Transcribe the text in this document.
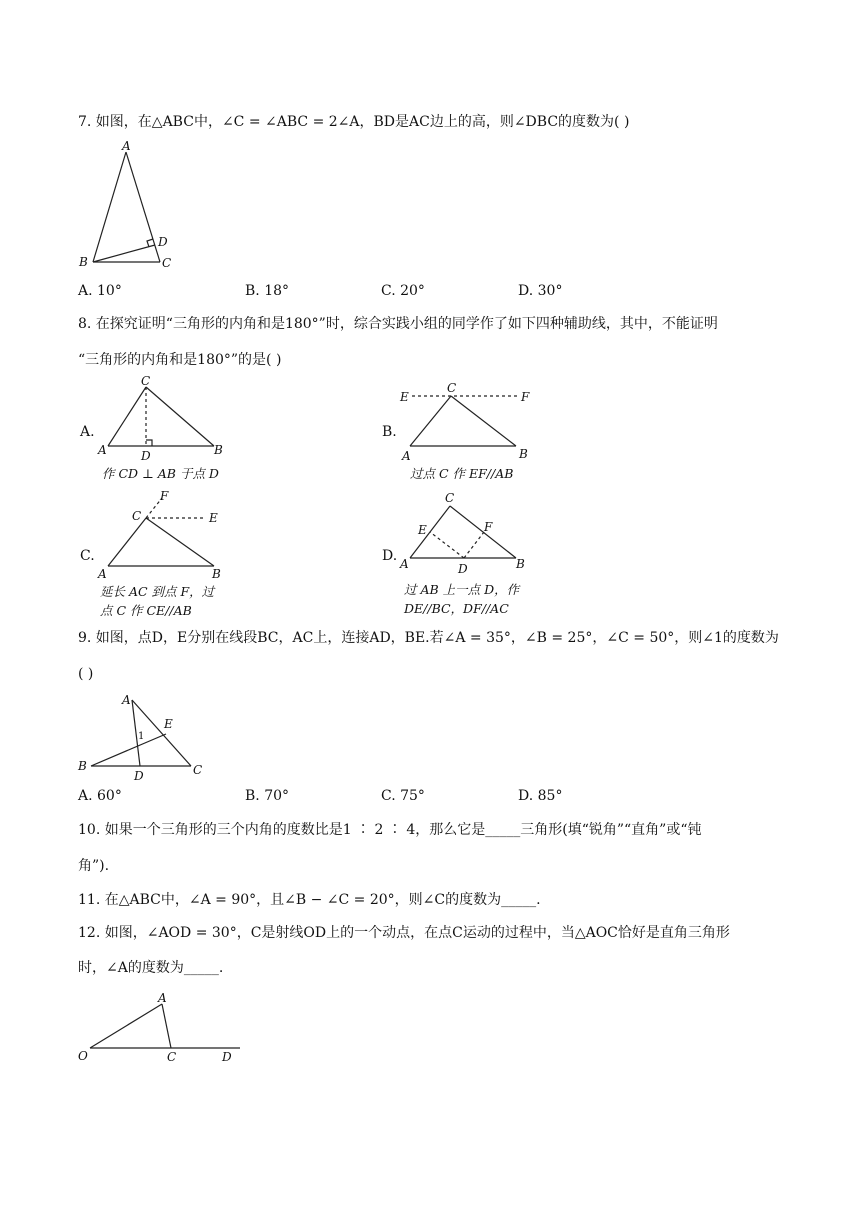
7. 如图，在△ABC中，∠C = ∠ABC = 2∠A，BD是AC边上的高，则∠DBC的度数为( )
A
B	C
D
A. 10°	B. 18°	C. 20°	D. 30°
8. 在探究证明“三角形的内角和是180°”时，综合实践小组的同学作了如下四种辅助线，其中，不能证明
“三角形的内角和是180°”的是( )
A.
C
A	B
D
作 CD ⊥ AB 于点 D
B.
C
E	F
A	B
过点 C 作 EF//AB
C.
F
C	E
A	B
延长 AC 到点 F，过
点 C 作 CE//AB
D.
C
E	F
A	D	B
过 AB 上一点 D，作
DE//BC，DF//AC
9. 如图，点D，E分别在线段BC，AC上，连接AD，BE.若∠A = 35°，∠B = 25°，∠C = 50°，则∠1的度数为
( )
A
E
1
B
D	C
A. 60°	B. 70°	C. 75°	D. 85°
10. 如果一个三角形的三个内角的度数比是1 ∶ 2 ∶ 4，那么它是_____三角形(填“锐角”“直角”或“钝
角”).
11. 在△ABC中，∠A = 90°，且∠B − ∠C = 20°，则∠C的度数为_____.
12. 如图，∠AOD = 30°，C是射线OD上的一个动点，在点C运动的过程中，当△AOC恰好是直角三角形
时，∠A的度数为_____.
A
O	C	D
